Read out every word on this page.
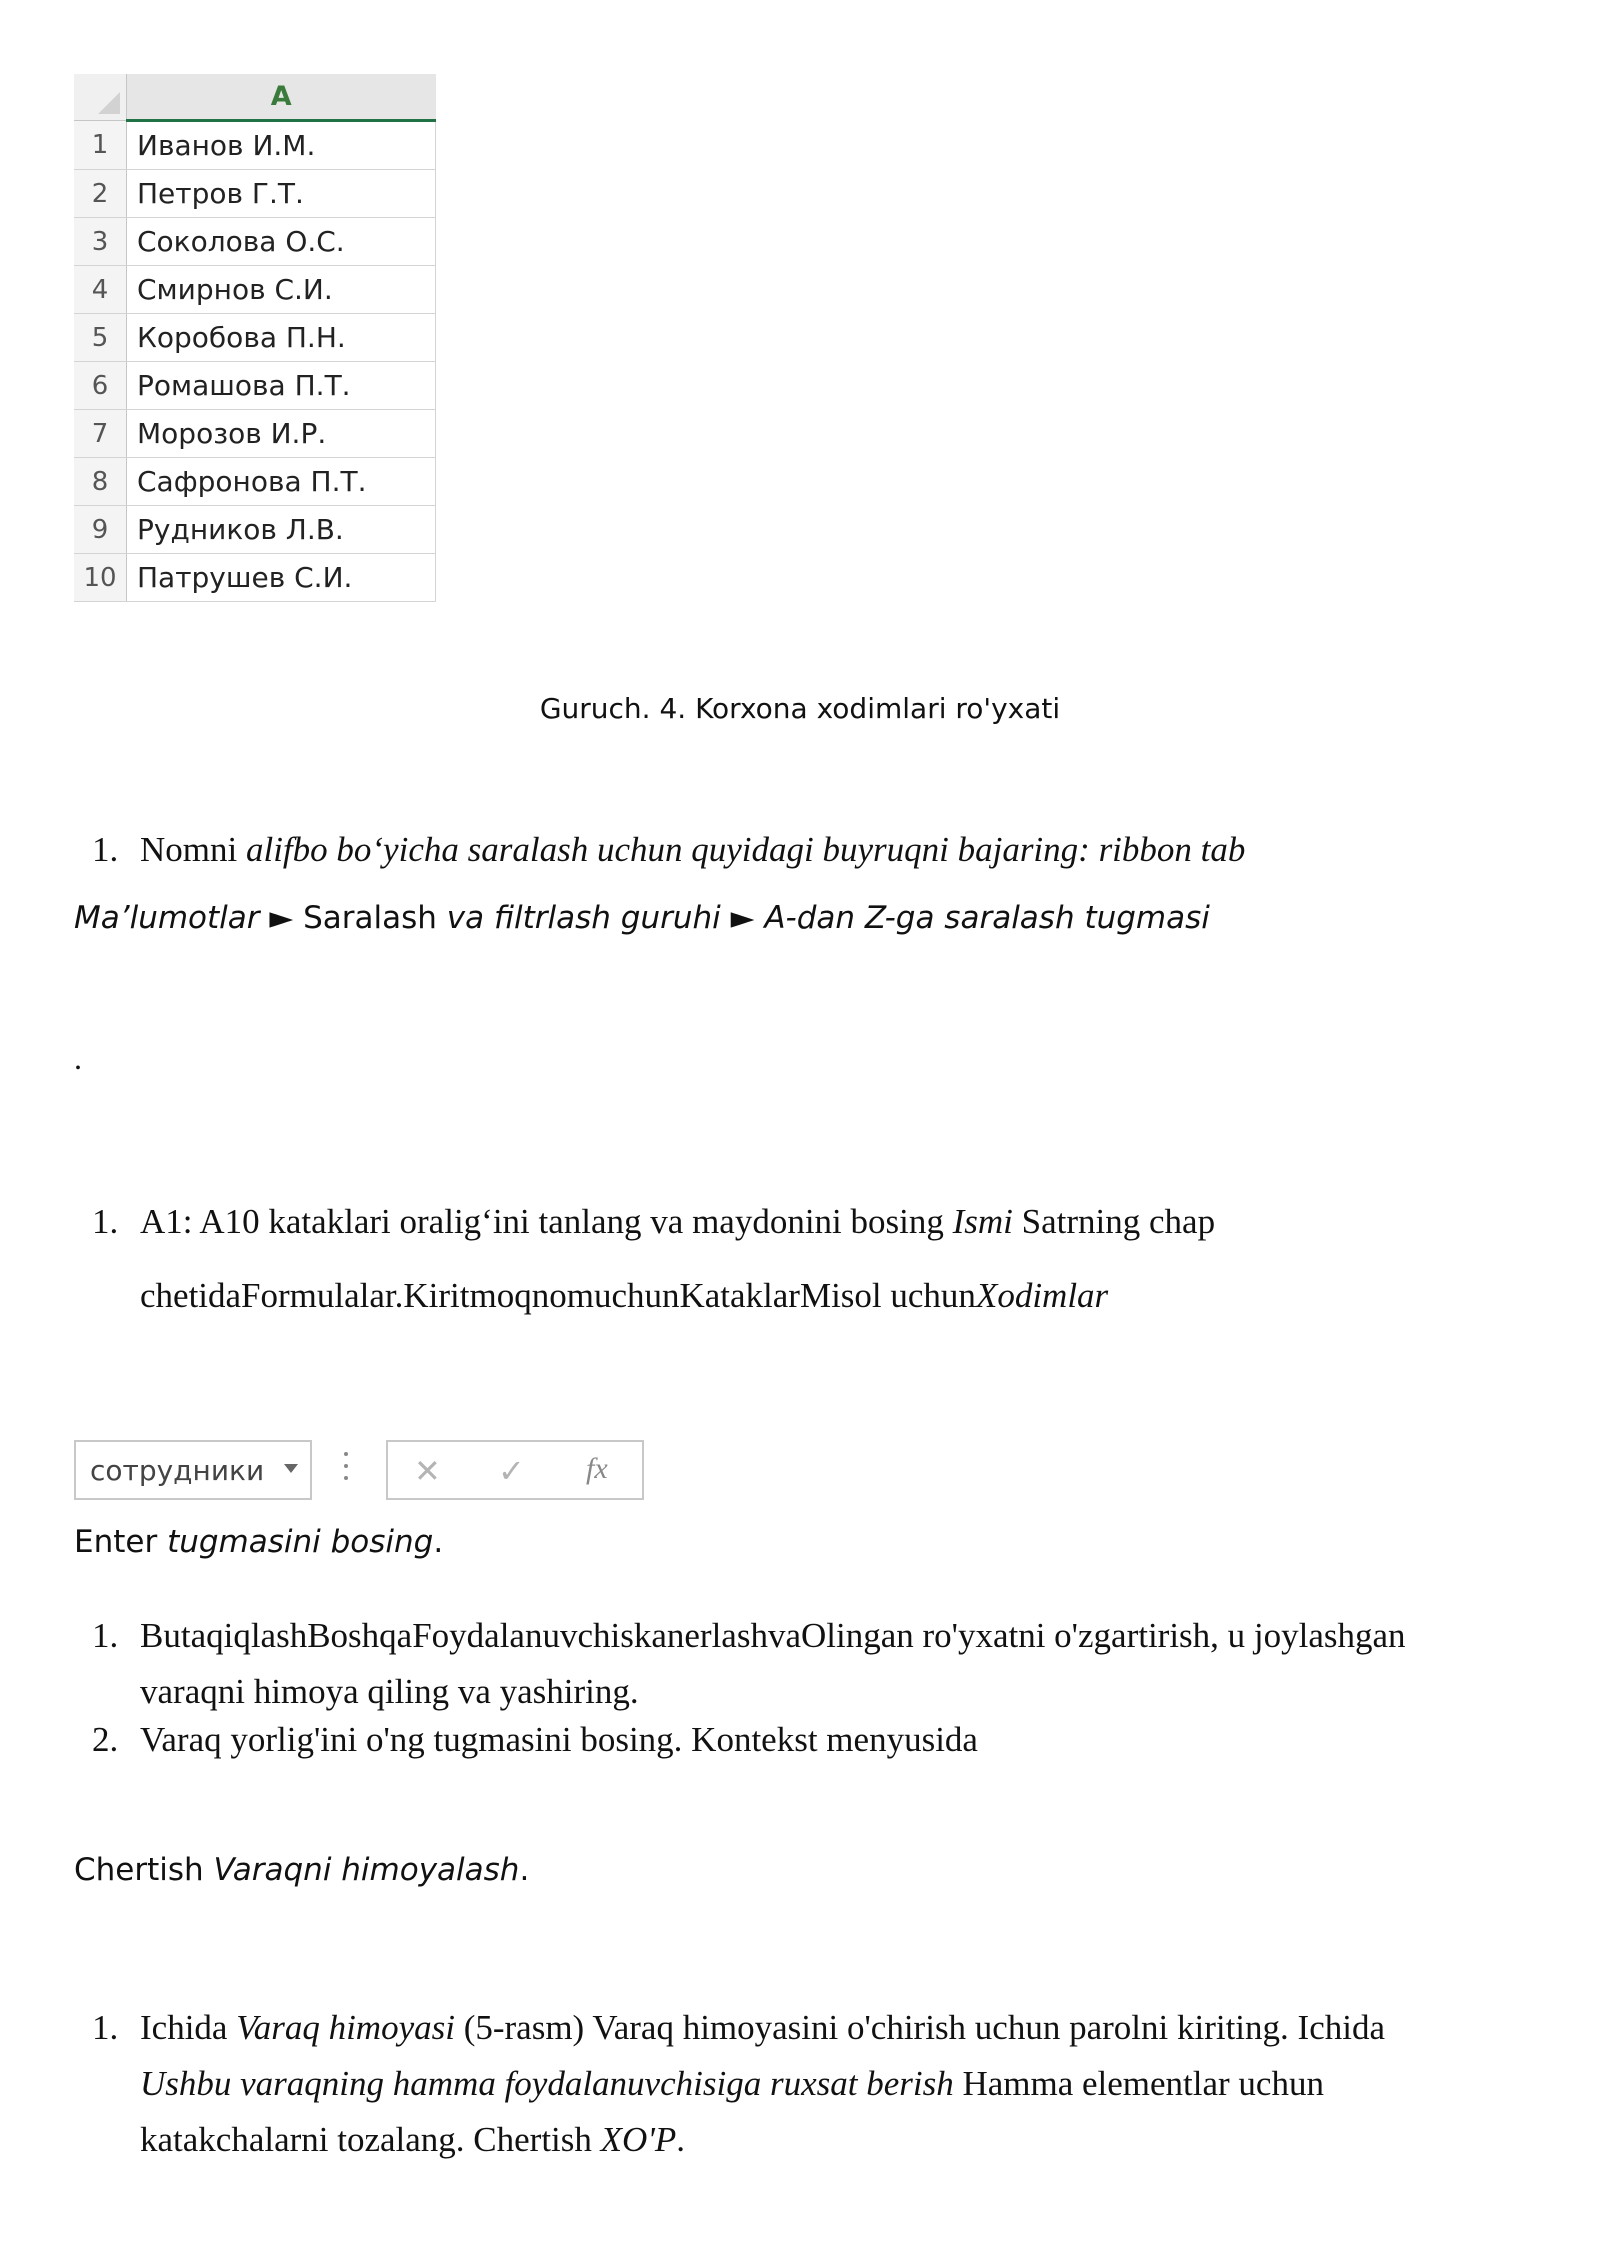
	A
1	Иванов И.М.
2	Петров Г.Т.
3	Соколова О.С.
4	Смирнов С.И.
5	Коробова П.Н.
6	Ромашова П.Т.
7	Морозов И.Р.
8	Сафронова П.Т.
9	Рудников Л.В.
10	Патрушев С.И.
Guruch. 4. Korxona xodimlari ro'yxati
1. Nomni alifbo bo‘yicha saralash uchun quyidagi buyruqni bajaring: ribbon tab
Ma’lumotlar ► Saralash va filtrlash guruhi ► A-dan Z-ga saralash tugmasi
.
1. A1: A10 kataklari oralig‘ini tanlang va maydonini bosing Ismi Satrning chap
chetidaFormulalar.KiritmoqnomuchunKataklarMisol uchunXodimlar
сотрудники	✕ ✓ fx
Enter tugmasini bosing.
1. ButaqiqlashBoshqaFoydalanuvchiskanerlashvaOlingan ro'yxatni o'zgartirish, u joylashgan
varaqni himoya qiling va yashiring.
2. Varaq yorlig'ini o'ng tugmasini bosing. Kontekst menyusida
Chertish Varaqni himoyalash.
1. Ichida Varaq himoyasi (5-rasm) Varaq himoyasini o'chirish uchun parolni kiriting. Ichida
Ushbu varaqning hamma foydalanuvchisiga ruxsat berish Hamma elementlar uchun
katakchalarni tozalang. Chertish XO'P.
